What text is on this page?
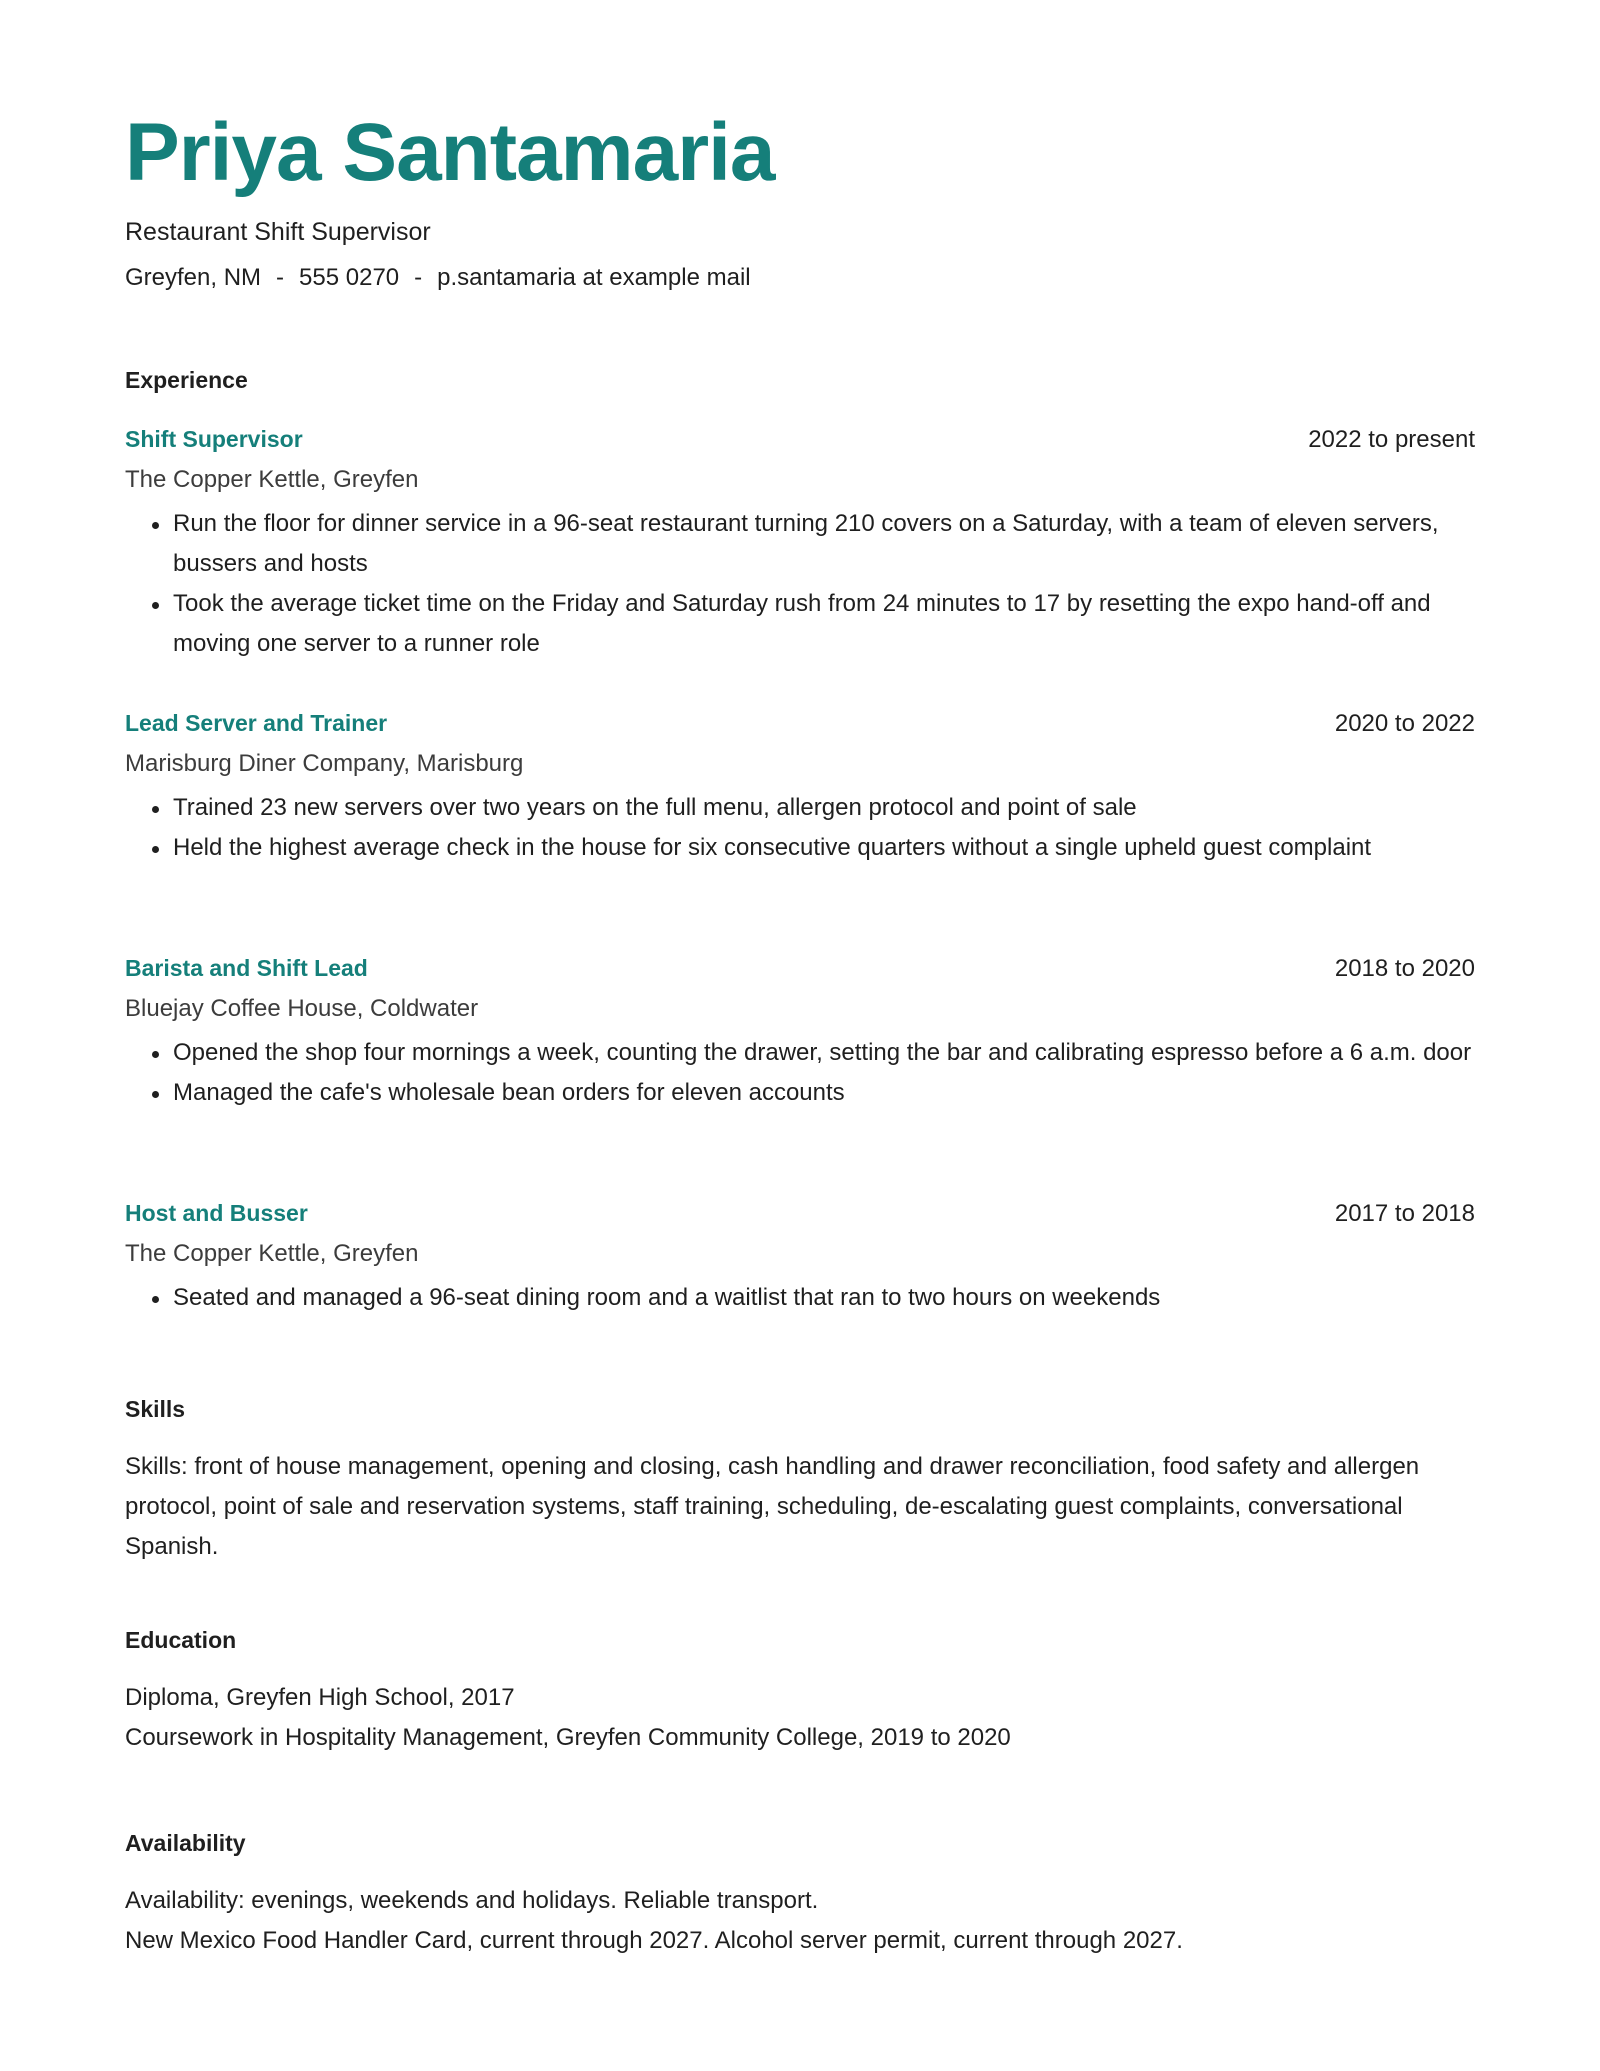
Priya Santamaria
Restaurant Shift Supervisor
Greyfen, NM - 555 0270 - p.santamaria at example mail
Experience
Shift Supervisor	2022 to present
The Copper Kettle, Greyfen
Run the floor for dinner service in a 96-seat restaurant turning 210 covers on a Saturday, with a team of eleven servers, bussers and hosts
Took the average ticket time on the Friday and Saturday rush from 24 minutes to 17 by resetting the expo hand-off and moving one server to a runner role
Lead Server and Trainer	2020 to 2022
Marisburg Diner Company, Marisburg
Trained 23 new servers over two years on the full menu, allergen protocol and point of sale
Held the highest average check in the house for six consecutive quarters without a single upheld guest complaint
Barista and Shift Lead	2018 to 2020
Bluejay Coffee House, Coldwater
Opened the shop four mornings a week, counting the drawer, setting the bar and calibrating espresso before a 6 a.m. door
Managed the cafe's wholesale bean orders for eleven accounts
Host and Busser	2017 to 2018
The Copper Kettle, Greyfen
Seated and managed a 96-seat dining room and a waitlist that ran to two hours on weekends
Skills

Skills: front of house management, opening and closing, cash handling and drawer reconciliation, food safety and allergen protocol, point of sale and reservation systems, staff training, scheduling, de-escalating guest complaints, conversational Spanish.

Education

Diploma, Greyfen High School, 2017
Coursework in Hospitality Management, Greyfen Community College, 2019 to 2020

Availability

Availability: evenings, weekends and holidays. Reliable transport.
New Mexico Food Handler Card, current through 2027. Alcohol server permit, current through 2027.
